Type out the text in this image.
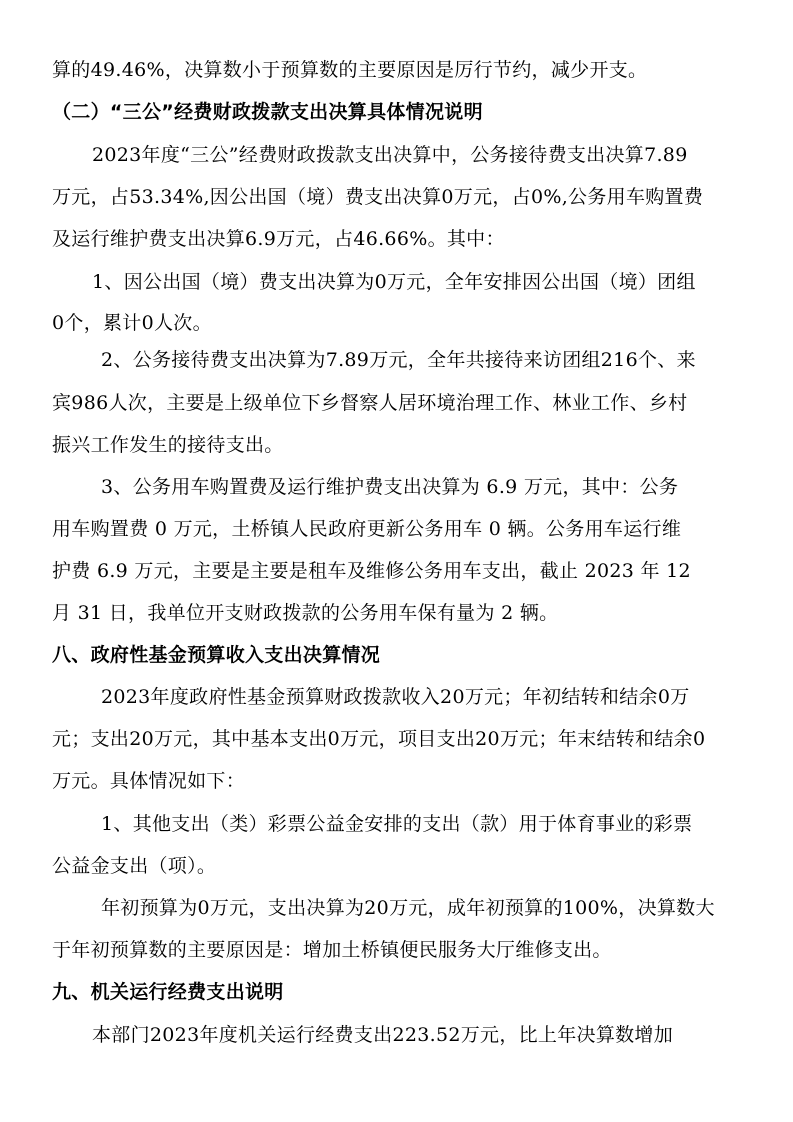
算的49.46%，决算数小于预算数的主要原因是厉行节约，减少开支。
（二）“三公”经费财政拨款支出决算具体情况说明
2023年度“三公”经费财政拨款支出决算中，公务接待费支出决算7.89
万元，占53.34%,因公出国（境）费支出决算0万元，占0%,公务用车购置费
及运行维护费支出决算6.9万元，占46.66%。其中：
1、因公出国（境）费支出决算为0万元，全年安排因公出国（境）团组
0个，累计0人次。
2、公务接待费支出决算为7.89万元，全年共接待来访团组216个、来
宾986人次，主要是上级单位下乡督察人居环境治理工作、林业工作、乡村
振兴工作发生的接待支出。
3、公务用车购置费及运行维护费支出决算为 6.9 万元，其中：公务
用车购置费 0 万元，土桥镇人民政府更新公务用车 0 辆。公务用车运行维
护费 6.9 万元，主要是主要是租车及维修公务用车支出，截止 2023 年 12
月 31 日，我单位开支财政拨款的公务用车保有量为 2 辆。
八、政府性基金预算收入支出决算情况
2023年度政府性基金预算财政拨款收入20万元；年初结转和结余0万
元；支出20万元，其中基本支出0万元，项目支出20万元；年末结转和结余0
万元。具体情况如下：
1、其他支出（类）彩票公益金安排的支出（款）用于体育事业的彩票
公益金支出（项）。
年初预算为0万元，支出决算为20万元，成年初预算的100%，决算数大
于年初预算数的主要原因是：增加土桥镇便民服务大厅维修支出。
九、机关运行经费支出说明
本部门2023年度机关运行经费支出223.52万元，比上年决算数增加
